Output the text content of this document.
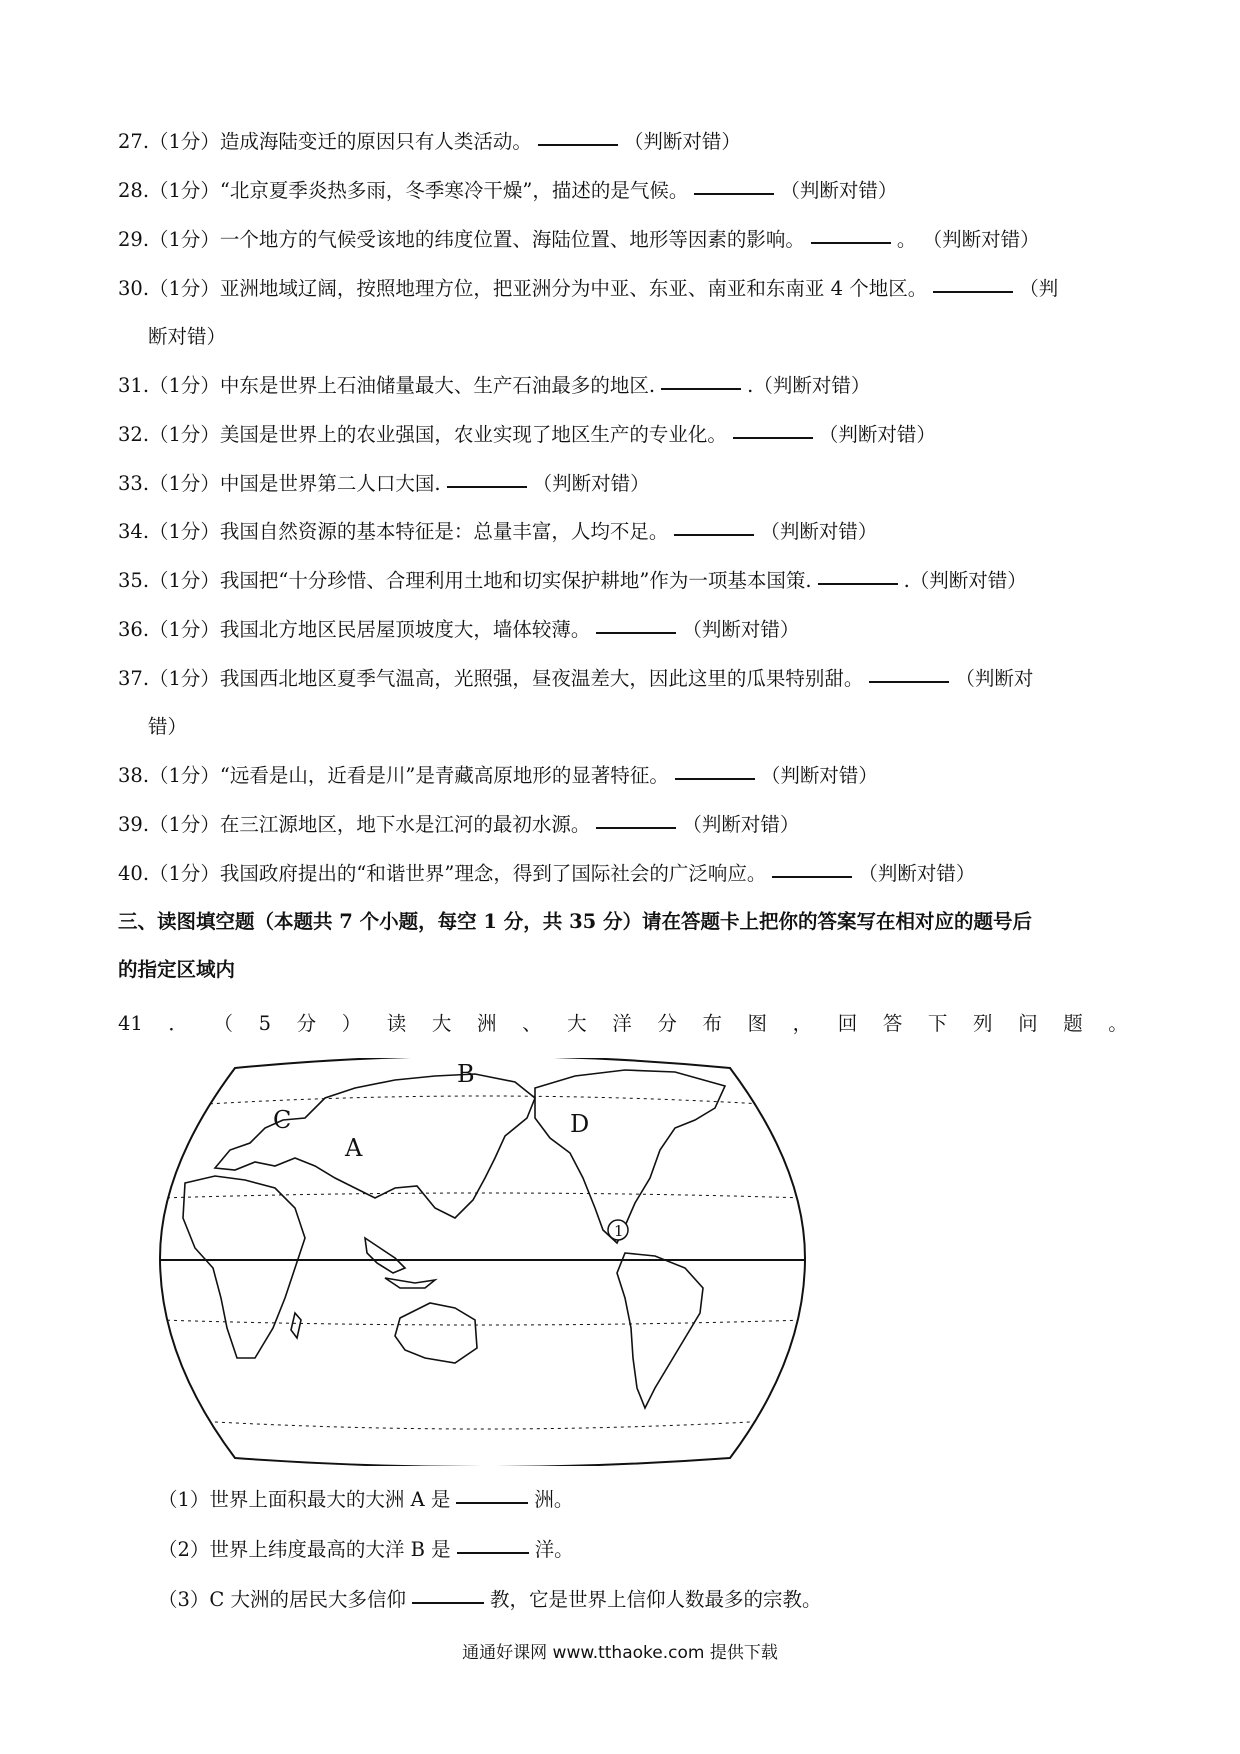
27.（1分）造成海陆变迁的原因只有人类活动。	（判断对错）
28.（1分）“北京夏季炎热多雨，冬季寒冷干燥”，描述的是气候。	（判断对错）
29.（1分）一个地方的气候受该地的纬度位置、海陆位置、地形等因素的影响。	。 （判断对错）
30.（1分）亚洲地域辽阔，按照地理方位，把亚洲分为中亚、东亚、南亚和东南亚 4 个地区。	（判
断对错）
31.（1分）中东是世界上石油储量最大、生产石油最多的地区.	.（判断对错）
32.（1分）美国是世界上的农业强国，农业实现了地区生产的专业化。	（判断对错）
33.（1分）中国是世界第二人口大国.	（判断对错）
34.（1分）我国自然资源的基本特征是：总量丰富，人均不足。	（判断对错）
35.（1分）我国把“十分珍惜、合理利用土地和切实保护耕地”作为一项基本国策.	.（判断对错）
36.（1分）我国北方地区民居屋顶坡度大，墙体较薄。	（判断对错）
37.（1分）我国西北地区夏季气温高，光照强，昼夜温差大，因此这里的瓜果特别甜。	（判断对
错）
38.（1分）“远看是山，近看是川”是青藏高原地形的显著特征。	（判断对错）
39.（1分）在三江源地区，地下水是江河的最初水源。	（判断对错）
40.（1分）我国政府提出的“和谐世界”理念，得到了国际社会的广泛响应。	（判断对错）
三、读图填空题（本题共 7 个小题，每空 1 分，共 35 分）请在答题卡上把你的答案写在相对应的题号后
的指定区域内
41 ． （ 5 分 ） 读 大 洲 、 大 洋 分 布 图 ， 回 答 下 列 问 题 。
A
B
C	D
1
（1）世界上面积最大的大洲 A 是	洲。
（2）世界上纬度最高的大洋 B 是	洋。
（3）C 大洲的居民大多信仰	教，它是世界上信仰人数最多的宗教。
通通好课网 www.tthaoke.com 提供下载
